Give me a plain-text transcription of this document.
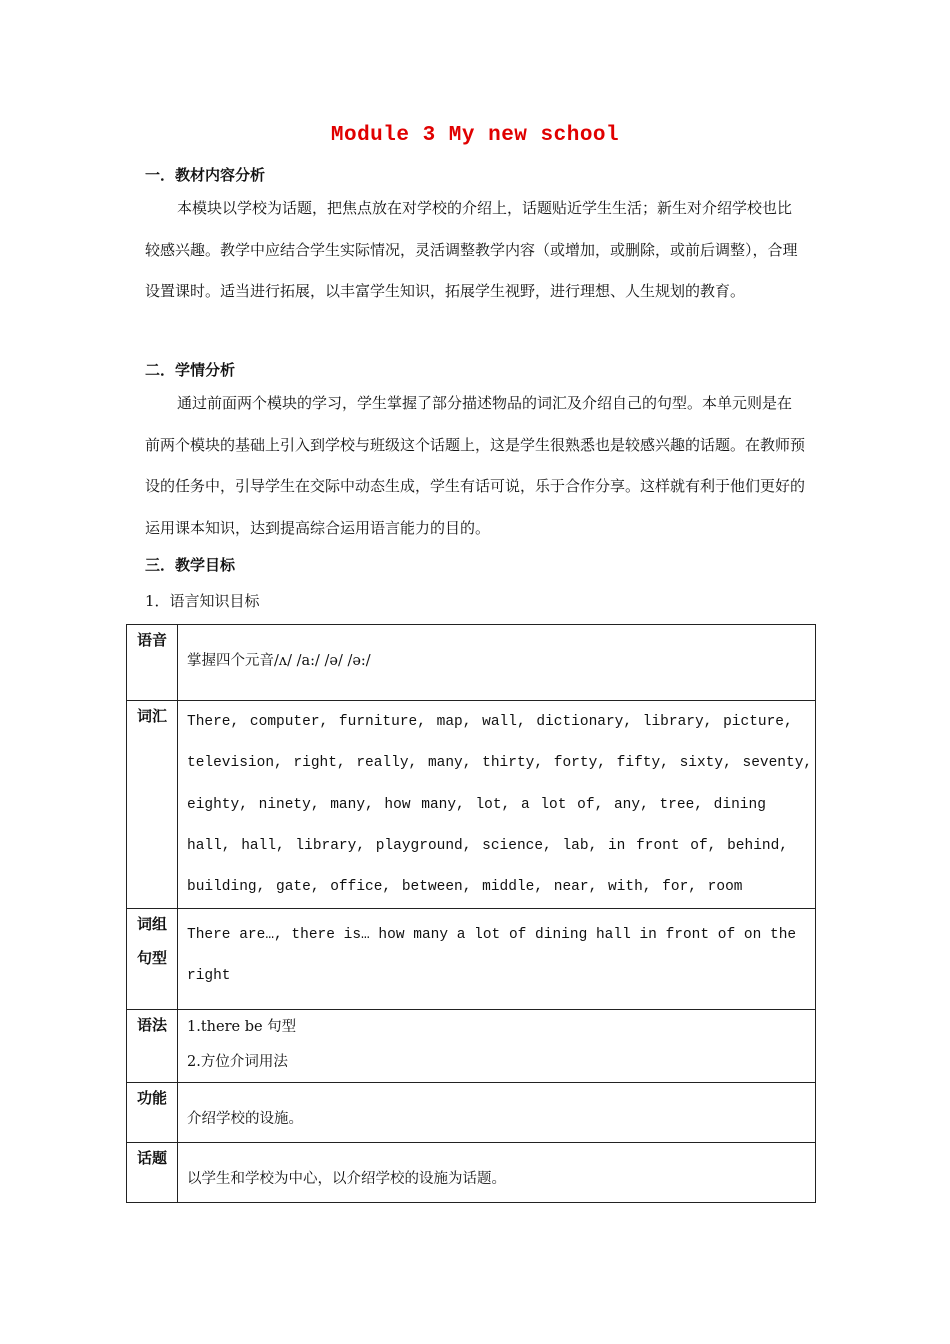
Module 3 My new school
一．教材内容分析
本模块以学校为话题，把焦点放在对学校的介绍上，话题贴近学生生活；新生对介绍学校也比较感兴趣。教学中应结合学生实际情况，灵活调整教学内容（或增加，或删除，或前后调整），合理设置课时。适当进行拓展，以丰富学生知识，拓展学生视野，进行理想、人生规划的教育。
二．学情分析
通过前面两个模块的学习，学生掌握了部分描述物品的词汇及介绍自己的句型。本单元则是在前两个模块的基础上引入到学校与班级这个话题上，这是学生很熟悉也是较感兴趣的话题。在教师预设的任务中，引导学生在交际中动态生成，学生有话可说，乐于合作分享。这样就有利于他们更好的运用课本知识，达到提高综合运用语言能力的目的。
三．教学目标
1．语言知识目标
语音	掌握四个元音/ʌ/ /a:/ /ə/ /ə:/

词汇	There, computer, furniture, map, wall, dictionary, library, picture, television, right, really, many, thirty, forty, fifty, sixty, seventy, eighty, ninety, many, how many, lot, a lot of, any, tree, dining hall, hall, library, playground, science, lab, in front of, behind, building, gate, office, between, middle, near, with, for, room

词组
句型	There are…, there is… how many a lot of dining hall in front of on the right

语法	1.there be 句型
2.方位介词用法

功能	介绍学校的设施。

话题	以学生和学校为中心，以介绍学校的设施为话题。
